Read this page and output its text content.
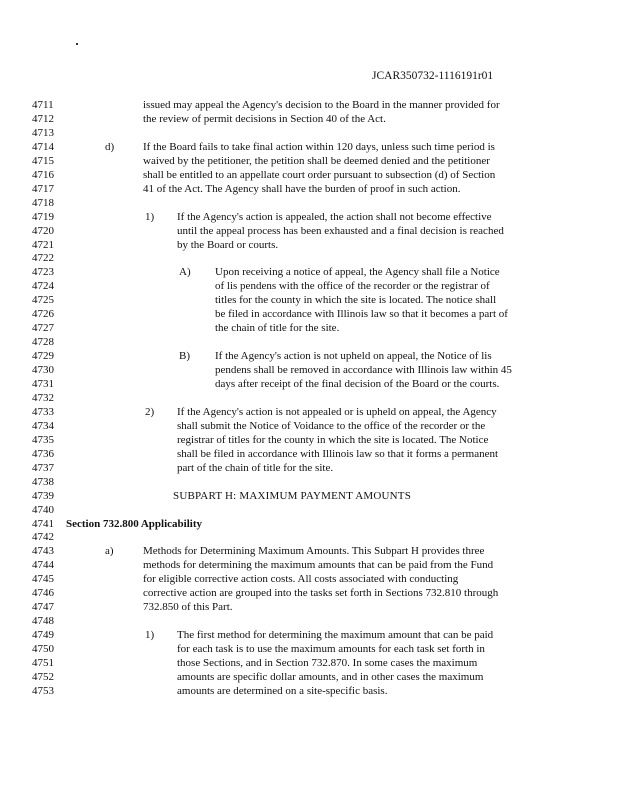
JCAR350732-1116191r01
4711	issued may appeal the Agency's decision to the Board in the manner provided for
4712	the review of permit decisions in Section 40 of the Act.
4713
4714	d)	If the Board fails to take final action within 120 days, unless such time period is
4715	waived by the petitioner, the petition shall be deemed denied and the petitioner
4716	shall be entitled to an appellate court order pursuant to subsection (d) of Section
4717	41 of the Act. The Agency shall have the burden of proof in such action.
4718
4719	1) If the Agency's action is appealed, the action shall not become effective
4720	until the appeal process has been exhausted and a final decision is reached
4721	by the Board or courts.
4722
4723	A) Upon receiving a notice of appeal, the Agency shall file a Notice
4724	of lis pendens with the office of the recorder or the registrar of
4725	titles for the county in which the site is located. The notice shall
4726	be filed in accordance with Illinois law so that it becomes a part of
4727	the chain of title for the site.
4728
4729	B) If the Agency's action is not upheld on appeal, the Notice of lis
4730	pendens shall be removed in accordance with Illinois law within 45
4731	days after receipt of the final decision of the Board or the courts.
4732
4733	2) If the Agency's action is not appealed or is upheld on appeal, the Agency
4734	shall submit the Notice of Voidance to the office of the recorder or the
4735	registrar of titles for the county in which the site is located. The Notice
4736	shall be filed in accordance with Illinois law so that it forms a permanent
4737	part of the chain of title for the site.
4738
4739	SUBPART H: MAXIMUM PAYMENT AMOUNTS
4740
4741 Section 732.800 Applicability
4742
4743	a)	Methods for Determining Maximum Amounts. This Subpart H provides three
4744	methods for determining the maximum amounts that can be paid from the Fund
4745	for eligible corrective action costs. All costs associated with conducting
4746	corrective action are grouped into the tasks set forth in Sections 732.810 through
4747	732.850 of this Part.
4748
4749	1) The first method for determining the maximum amount that can be paid
4750	for each task is to use the maximum amounts for each task set forth in
4751	those Sections, and in Section 732.870. In some cases the maximum
4752	amounts are specific dollar amounts, and in other cases the maximum
4753	amounts are determined on a site-specific basis.
